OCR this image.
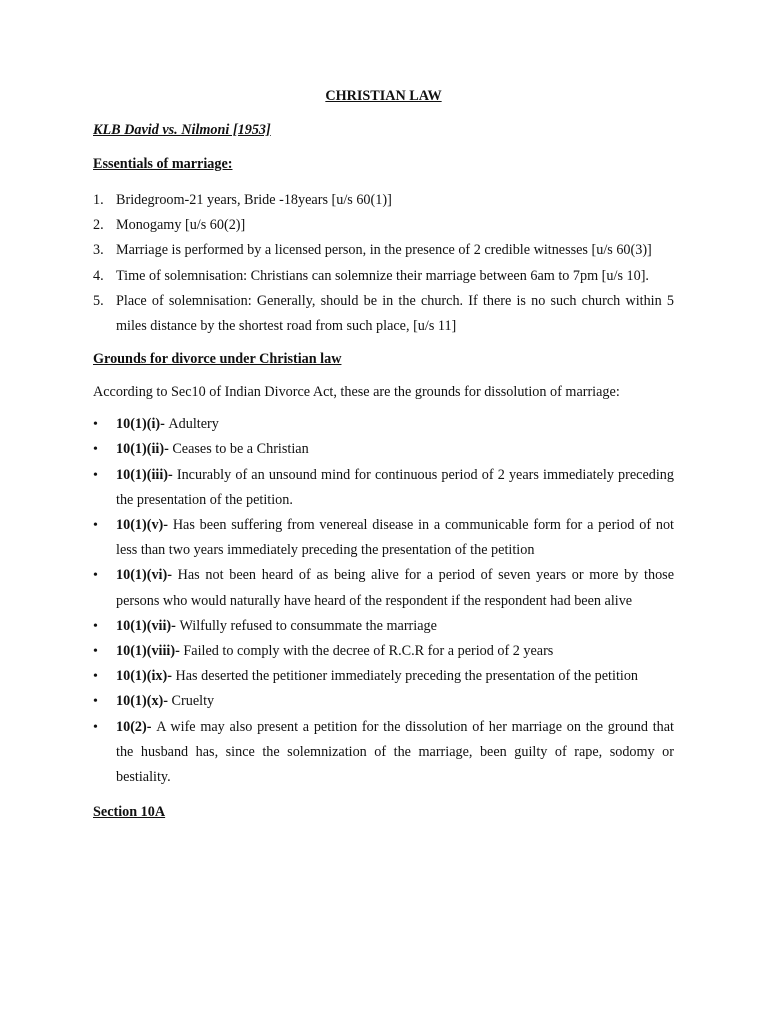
CHRISTIAN LAW

KLB David vs. Nilmoni [1953]

Essentials of marriage:

1. Bridegroom-21 years, Bride -18years [u/s 60(1)]
2. Monogamy [u/s 60(2)]
3. Marriage is performed by a licensed person, in the presence of 2 credible witnesses [u/s 60(3)]
4. Time of solemnisation: Christians can solemnize their marriage between 6am to 7pm [u/s 10].
5. Place of solemnisation: Generally, should be in the church. If there is no such church within 5 miles distance by the shortest road from such place, [u/s 11]

Grounds for divorce under Christian law

According to Sec10 of Indian Divorce Act, these are the grounds for dissolution of marriage:

• 10(1)(i)- Adultery
• 10(1)(ii)- Ceases to be a Christian
• 10(1)(iii)- Incurably of an unsound mind for continuous period of 2 years immediately preceding the presentation of the petition.
• 10(1)(v)- Has been suffering from venereal disease in a communicable form for a period of not less than two years immediately preceding the presentation of the petition
• 10(1)(vi)- Has not been heard of as being alive for a period of seven years or more by those persons who would naturally have heard of the respondent if the respondent had been alive
• 10(1)(vii)- Wilfully refused to consummate the marriage
• 10(1)(viii)- Failed to comply with the decree of R.C.R for a period of 2 years
• 10(1)(ix)- Has deserted the petitioner immediately preceding the presentation of the petition
• 10(1)(x)- Cruelty
• 10(2)- A wife may also present a petition for the dissolution of her marriage on the ground that the husband has, since the solemnization of the marriage, been guilty of rape, sodomy or bestiality.

Section 10A
